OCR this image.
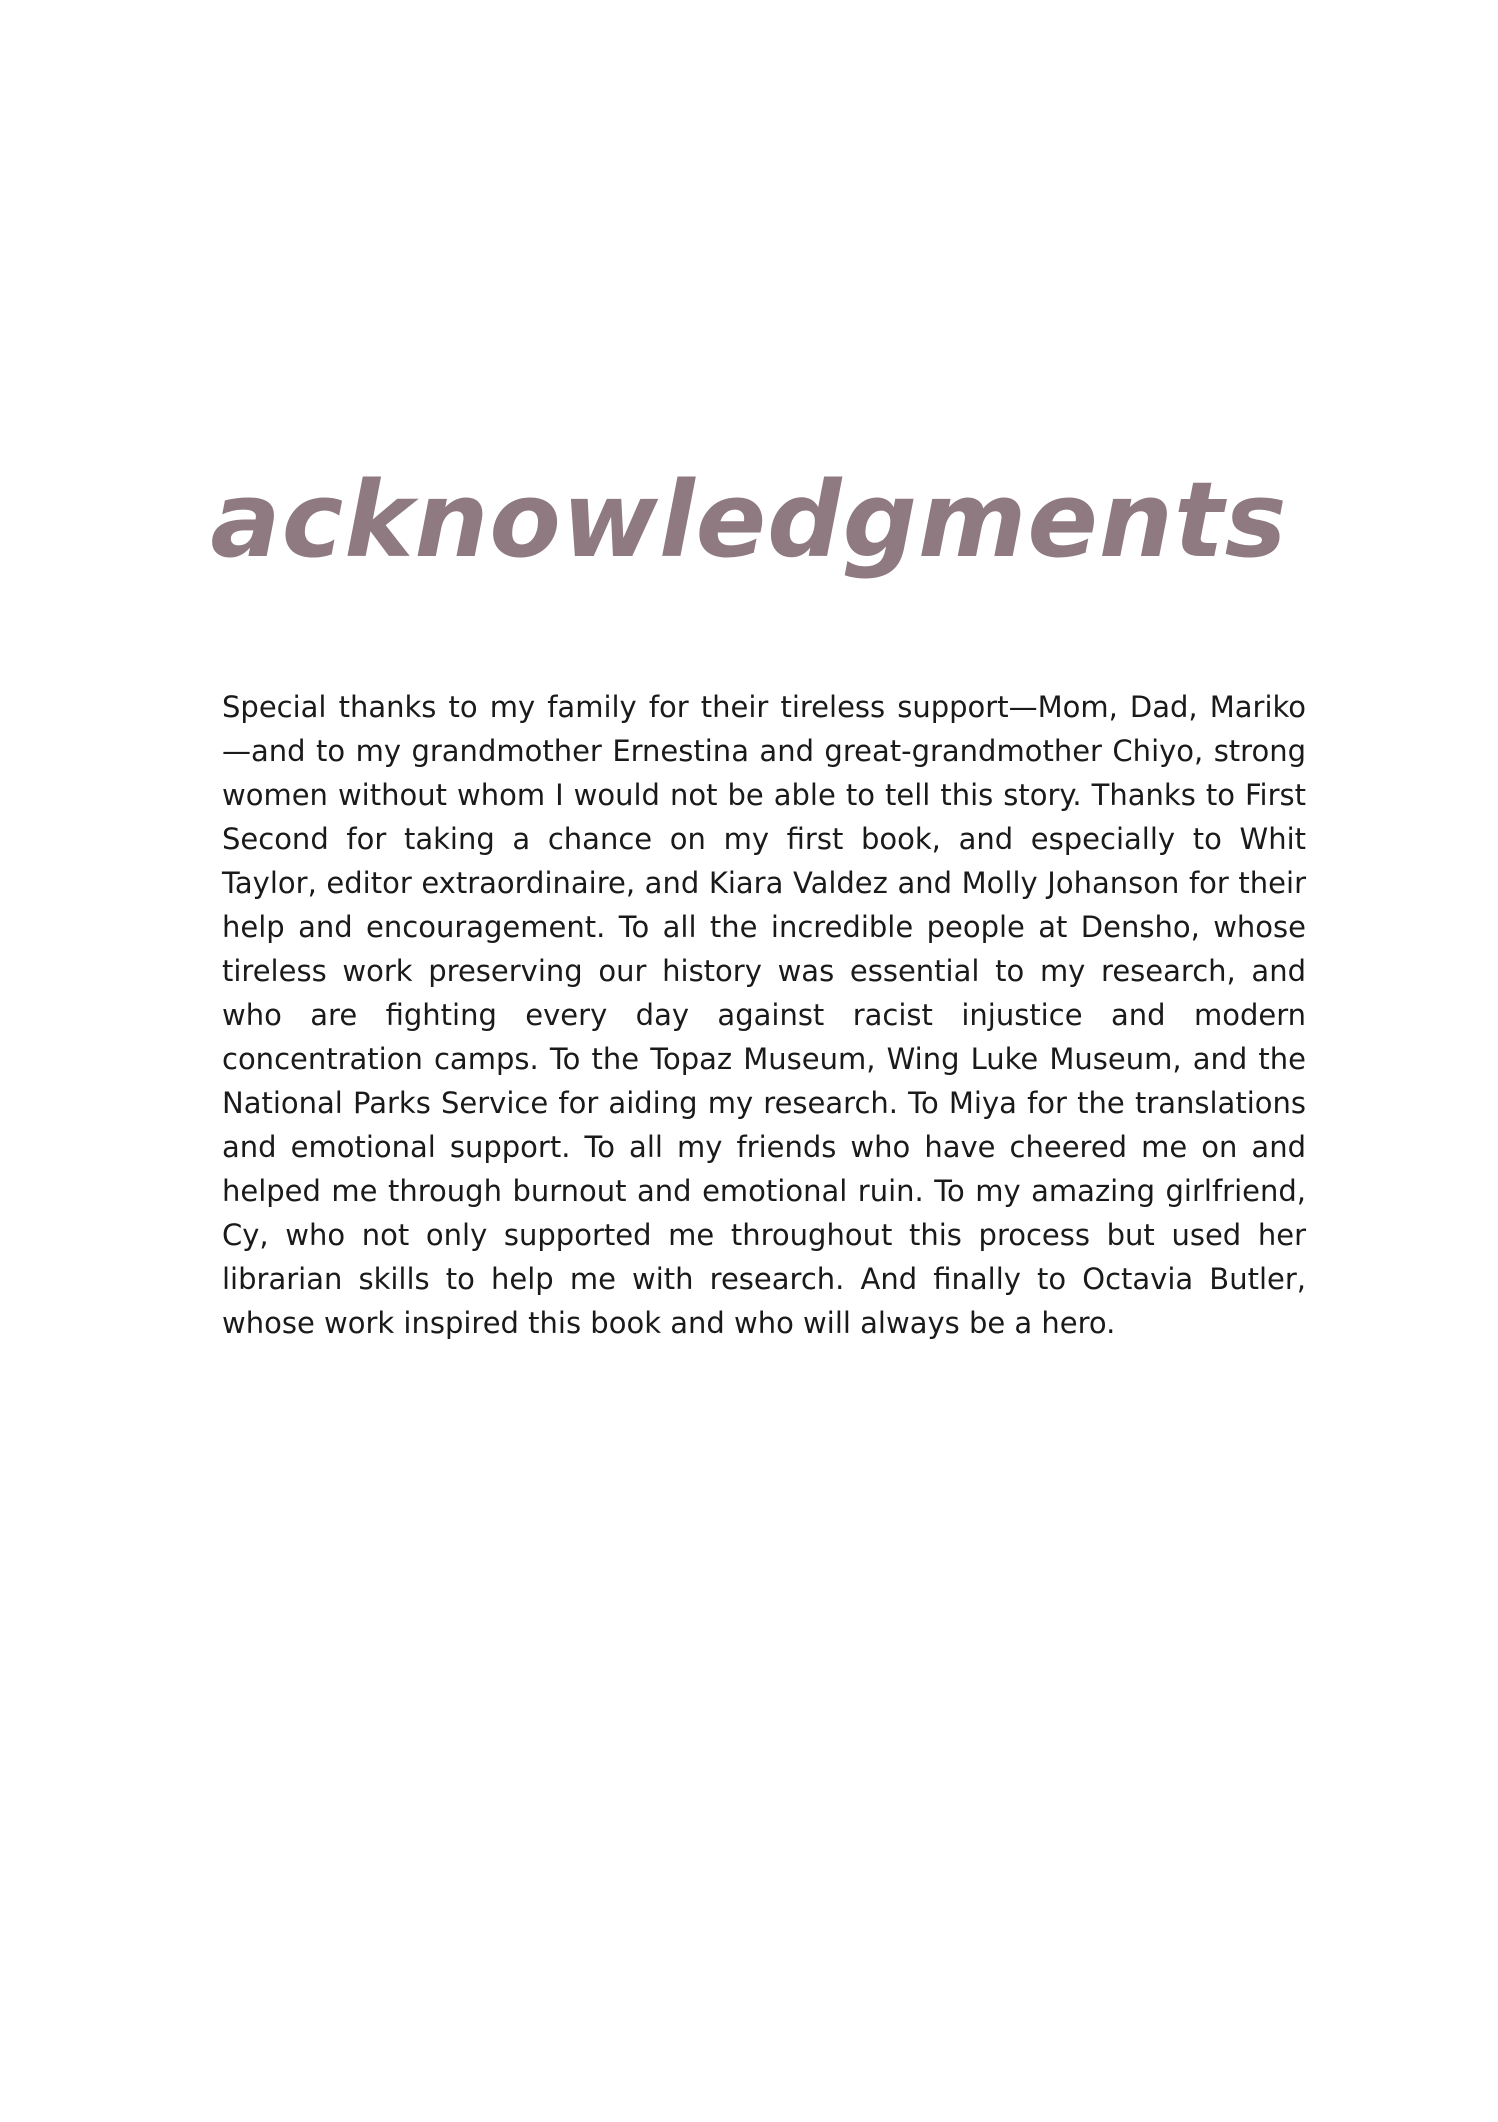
acknowledgments

Special thanks to my family for their tireless support—Mom, Dad, Mariko —and to my grandmother Ernestina and great-grandmother Chiyo, strong women without whom I would not be able to tell this story. Thanks to First Second for taking a chance on my first book, and especially to Whit Taylor, editor extraordinaire, and Kiara Valdez and Molly Johanson for their help and encouragement. To all the incredible people at Densho, whose tireless work preserving our history was essential to my research, and who are fighting every day against racist injustice and modern concentration camps. To the Topaz Museum, Wing Luke Museum, and the National Parks Service for aiding my research. To Miya for the translations and emotional support. To all my friends who have cheered me on and helped me through burnout and emotional ruin. To my amazing girlfriend, Cy, who not only supported me throughout this process but used her librarian skills to help me with research. And finally to Octavia Butler, whose work inspired this book and who will always be a hero.
